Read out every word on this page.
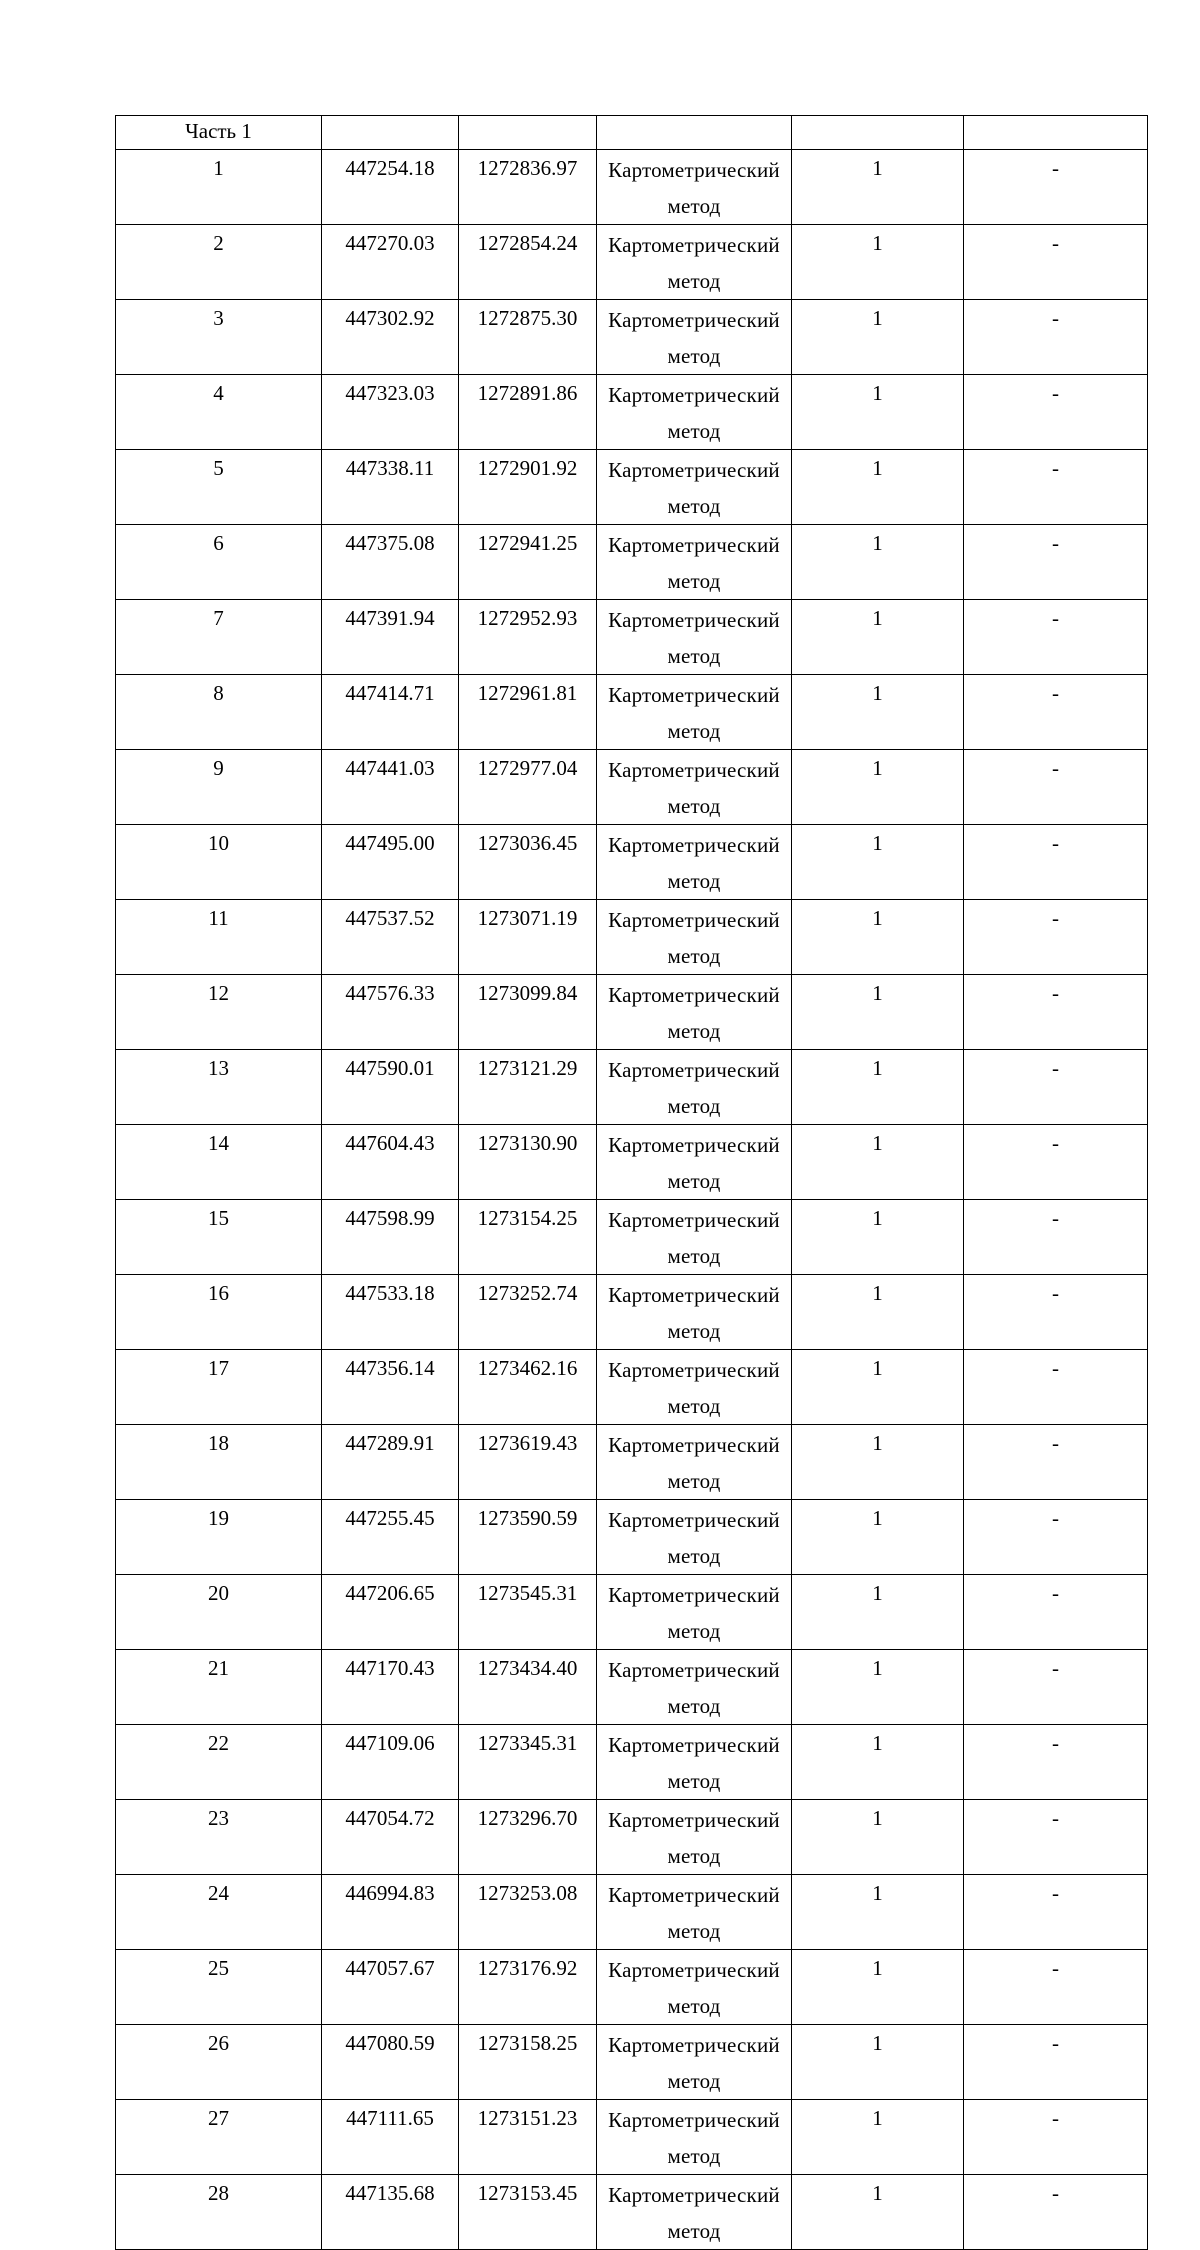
Часть 1					
1	447254.18	1272836.97	Картометрический метод	1	-
2	447270.03	1272854.24	Картометрический метод	1	-
3	447302.92	1272875.30	Картометрический метод	1	-
4	447323.03	1272891.86	Картометрический метод	1	-
5	447338.11	1272901.92	Картометрический метод	1	-
6	447375.08	1272941.25	Картометрический метод	1	-
7	447391.94	1272952.93	Картометрический метод	1	-
8	447414.71	1272961.81	Картометрический метод	1	-
9	447441.03	1272977.04	Картометрический метод	1	-
10	447495.00	1273036.45	Картометрический метод	1	-
11	447537.52	1273071.19	Картометрический метод	1	-
12	447576.33	1273099.84	Картометрический метод	1	-
13	447590.01	1273121.29	Картометрический метод	1	-
14	447604.43	1273130.90	Картометрический метод	1	-
15	447598.99	1273154.25	Картометрический метод	1	-
16	447533.18	1273252.74	Картометрический метод	1	-
17	447356.14	1273462.16	Картометрический метод	1	-
18	447289.91	1273619.43	Картометрический метод	1	-
19	447255.45	1273590.59	Картометрический метод	1	-
20	447206.65	1273545.31	Картометрический метод	1	-
21	447170.43	1273434.40	Картометрический метод	1	-
22	447109.06	1273345.31	Картометрический метод	1	-
23	447054.72	1273296.70	Картометрический метод	1	-
24	446994.83	1273253.08	Картометрический метод	1	-
25	447057.67	1273176.92	Картометрический метод	1	-
26	447080.59	1273158.25	Картометрический метод	1	-
27	447111.65	1273151.23	Картометрический метод	1	-
28	447135.68	1273153.45	Картометрический метод	1	-
